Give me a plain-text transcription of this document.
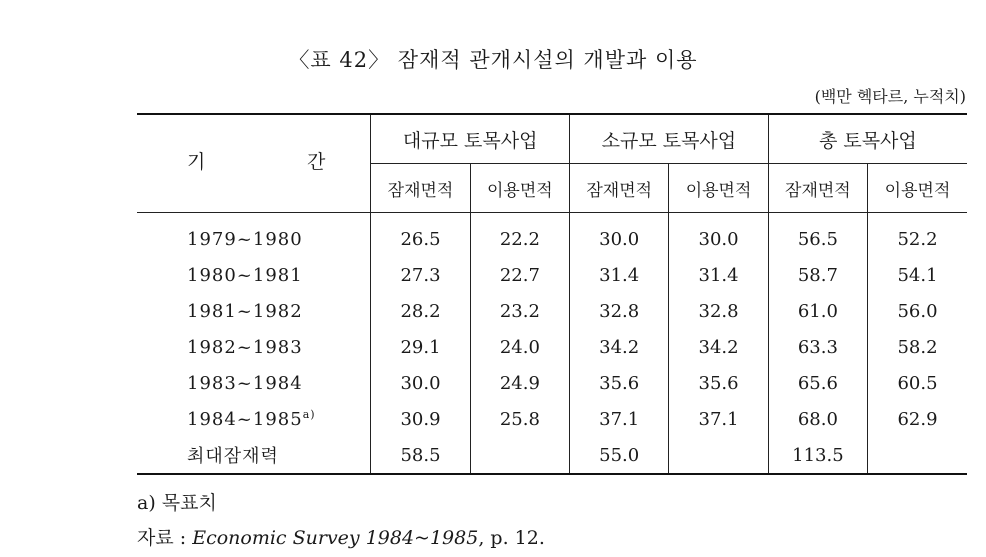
〈표 42〉 잠재적 관개시설의 개발과 이용
(백만 헥타르, 누적치)
기 간	대규모 토목사업		소규모 토목사업		총 토목사업	
	잠재면적	이용면적	잠재면적	이용면적	잠재면적	이용면적
1979~1980	26.5	22.2	30.0	30.0	56.5	52.2
1980~1981	27.3	22.7	31.4	31.4	58.7	54.1
1981~1982	28.2	23.2	32.8	32.8	61.0	56.0
1982~1983	29.1	24.0	34.2	34.2	63.3	58.2
1983~1984	30.0	24.9	35.6	35.6	65.6	60.5
1984~1985$^{a)}$	30.9	25.8	37.1	37.1	68.0	62.9
최대잠재력	58.5		55.0		113.5	
a) 목표치
자료 : Economic Survey 1984~1985, p. 12.
